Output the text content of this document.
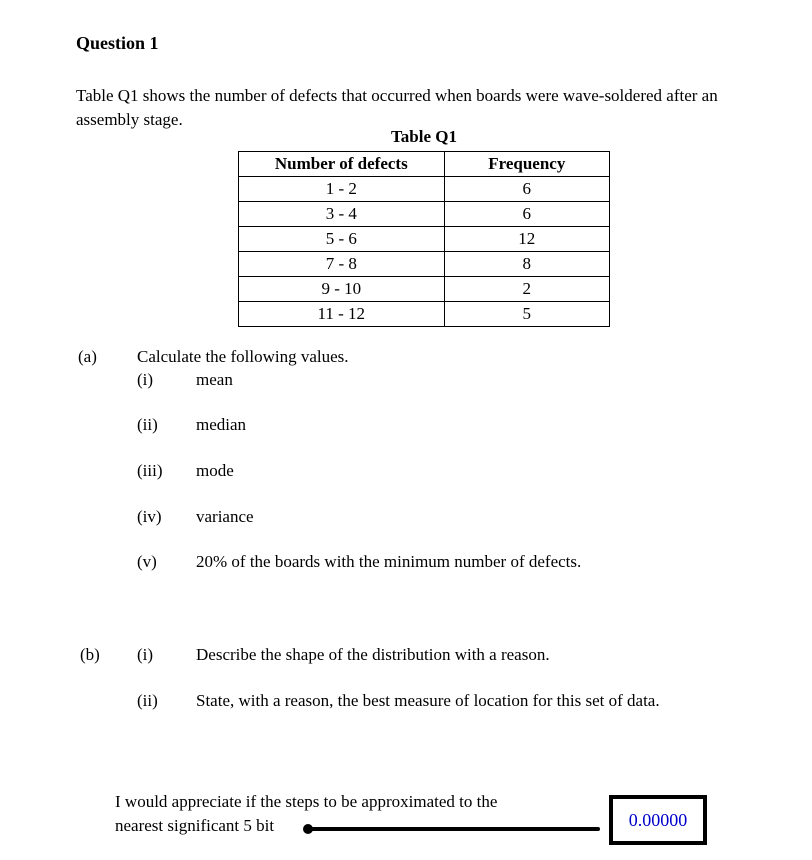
Question 1
Table Q1 shows the number of defects that occurred when boards were wave-soldered after an assembly stage.
Table Q1
Number of defects	Frequency
1 - 2	6
3 - 4	6
5 - 6	12
7 - 8	8
9 - 10	2
11 - 12	5
(a) Calculate the following values.
(i)	mean
(ii) median
(iii) mode
(iv) variance
(v) 20% of the boards with the minimum number of defects.
(b) (i)	Describe the shape of the distribution with a reason.
(ii) State, with a reason, the best measure of location for this set of data.
I would appreciate if the steps to be approximated to the
nearest significant 5 bit	0.00000
